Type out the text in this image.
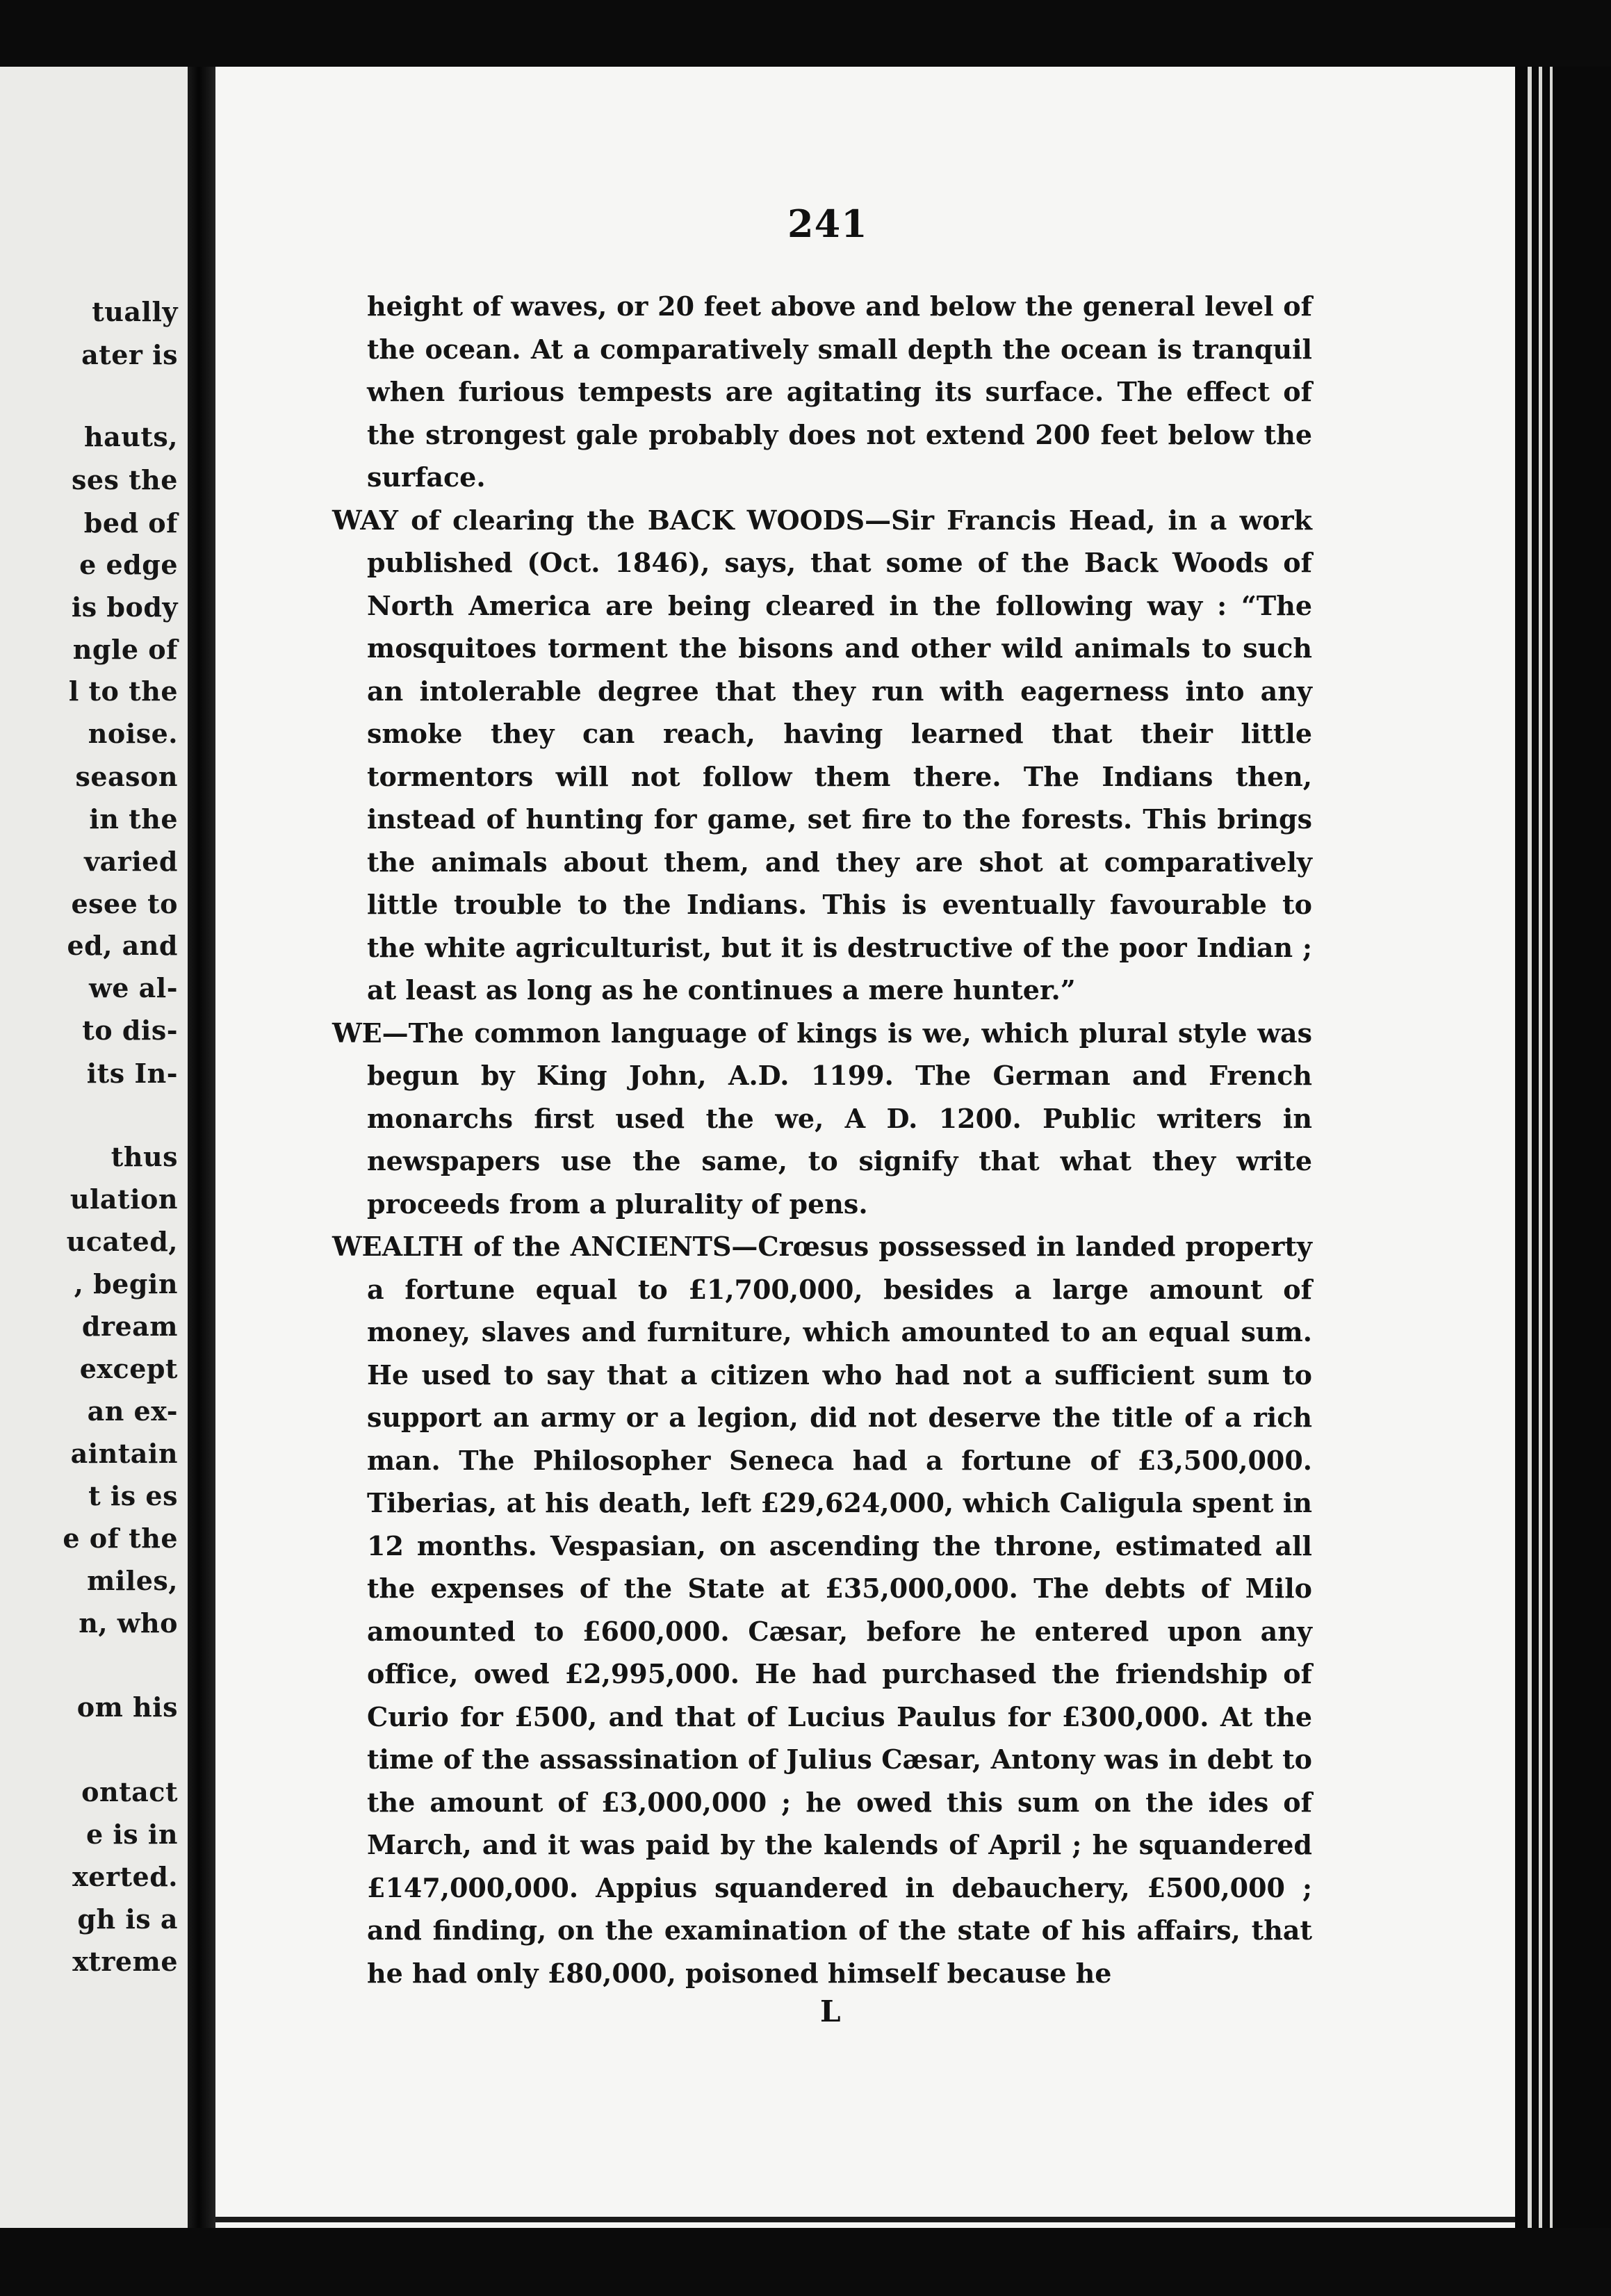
tually

ater is

hauts,

ses the

bed of

e edge

is body

ngle of

l to the

noise.

season

in the

varied

esee to

ed, and

we al-

to dis-

its In-

thus

ulation

ucated,

, begin

dream

except

an ex-

aintain

t is es

e of the

miles,

n, who

om his

ontact

e is in

xerted.

gh is a

xtreme

241

height of waves, or 20 feet above and below the general level of the ocean. At a comparatively small depth the ocean is tranquil when furious tempests are agitating its surface. The effect of the strongest gale probably does not extend 200 feet below the surface.

WAY of clearing the BACK WOODS—Sir Francis Head, in a work published (Oct. 1846), says, that some of the Back Woods of North America are being cleared in the following way : “The mosquitoes torment the bisons and other wild animals to such an intolerable degree that they run with eagerness into any smoke they can reach, having learned that their little tormentors will not follow them there. The Indians then, instead of hunting for game, set fire to the forests. This brings the animals about them, and they are shot at comparatively little trouble to the Indians. This is eventually favourable to the white agriculturist, but it is destructive of the poor Indian ; at least as long as he continues a mere hunter.”

WE—The common language of kings is we, which plural style was begun by King John, A.D. 1199. The German and French monarchs first used the we, A D. 1200. Public writers in newspapers use the same, to signify that what they write proceeds from a plurality of pens.

WEALTH of the ANCIENTS—Crœsus possessed in landed property a fortune equal to £1,700,000, besides a large amount of money, slaves and furniture, which amounted to an equal sum. He used to say that a citizen who had not a sufficient sum to support an army or a legion, did not deserve the title of a rich man. The Philosopher Seneca had a fortune of £3,500,000. Tiberias, at his death, left £29,624,000, which Caligula spent in 12 months. Vespasian, on ascending the throne, estimated all the expenses of the State at £35,000,000. The debts of Milo amounted to £600,000. Cæsar, before he entered upon any office, owed £2,995,000. He had purchased the friendship of Curio for £500, and that of Lucius Paulus for £300,000. At the time of the assassination of Julius Cæsar, Antony was in debt to the amount of £3,000,000 ; he owed this sum on the ides of March, and it was paid by the kalends of April ; he squandered £147,000,000. Appius squandered in debauchery, £500,000 ; and finding, on the examination of the state of his affairs, that he had only £80,000, poisoned himself because he

L
